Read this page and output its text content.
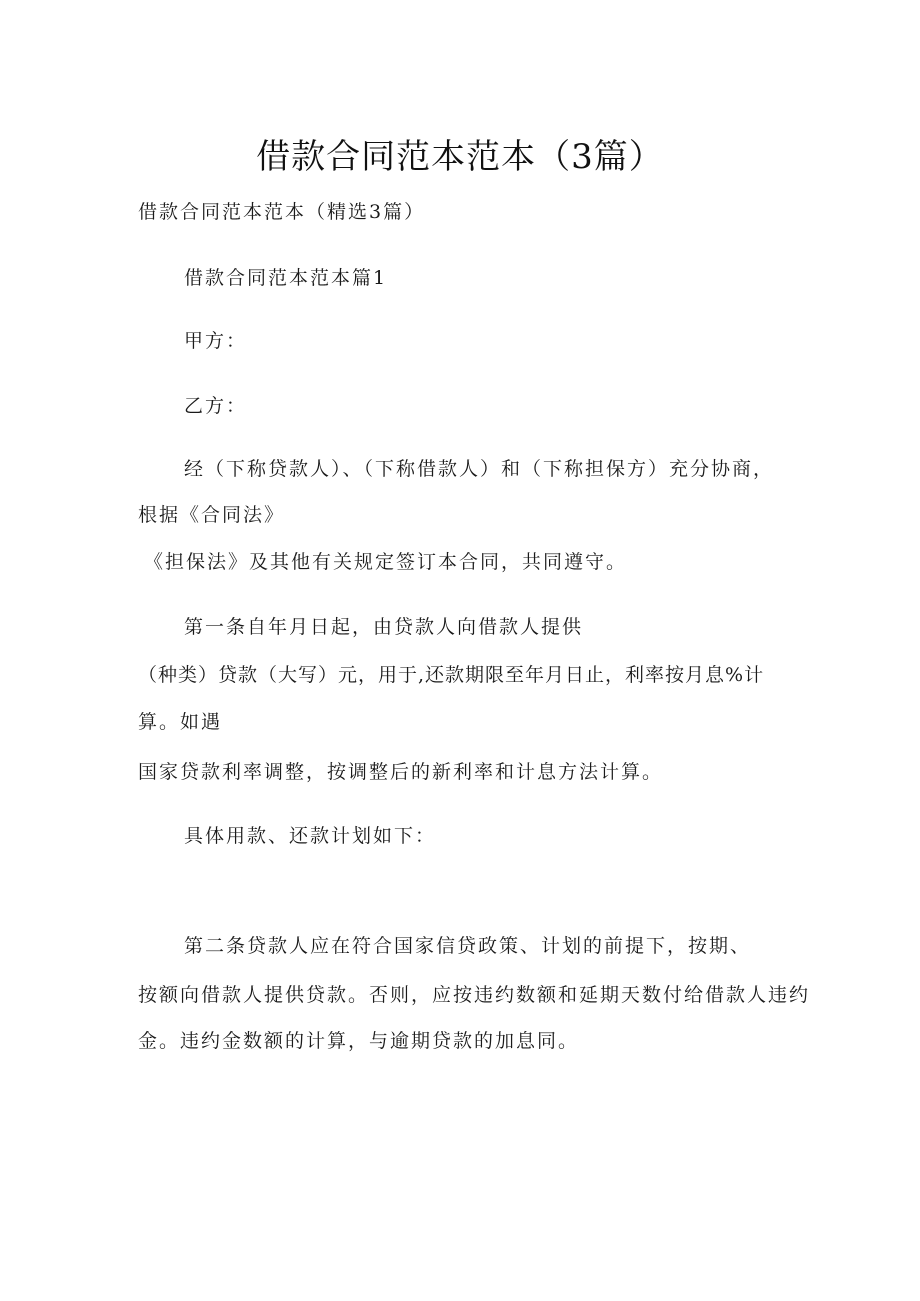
借款合同范本范本（3篇）
借款合同范本范本（精选3篇）
借款合同范本范本篇1
甲方：
乙方：
经（下称贷款人）、（下称借款人）和（下称担保方）充分协商，
根据《合同法》
《担保法》及其他有关规定签订本合同，共同遵守。
第一条自年月日起，由贷款人向借款人提供
（种类）贷款（大写）元，用于,还款期限至年月日止，利率按月息%计
算。如遇
国家贷款利率调整，按调整后的新利率和计息方法计算。
具体用款、还款计划如下：
第二条贷款人应在符合国家信贷政策、计划的前提下，按期、
按额向借款人提供贷款。否则，应按违约数额和延期天数付给借款人违约
金。违约金数额的计算，与逾期贷款的加息同。
